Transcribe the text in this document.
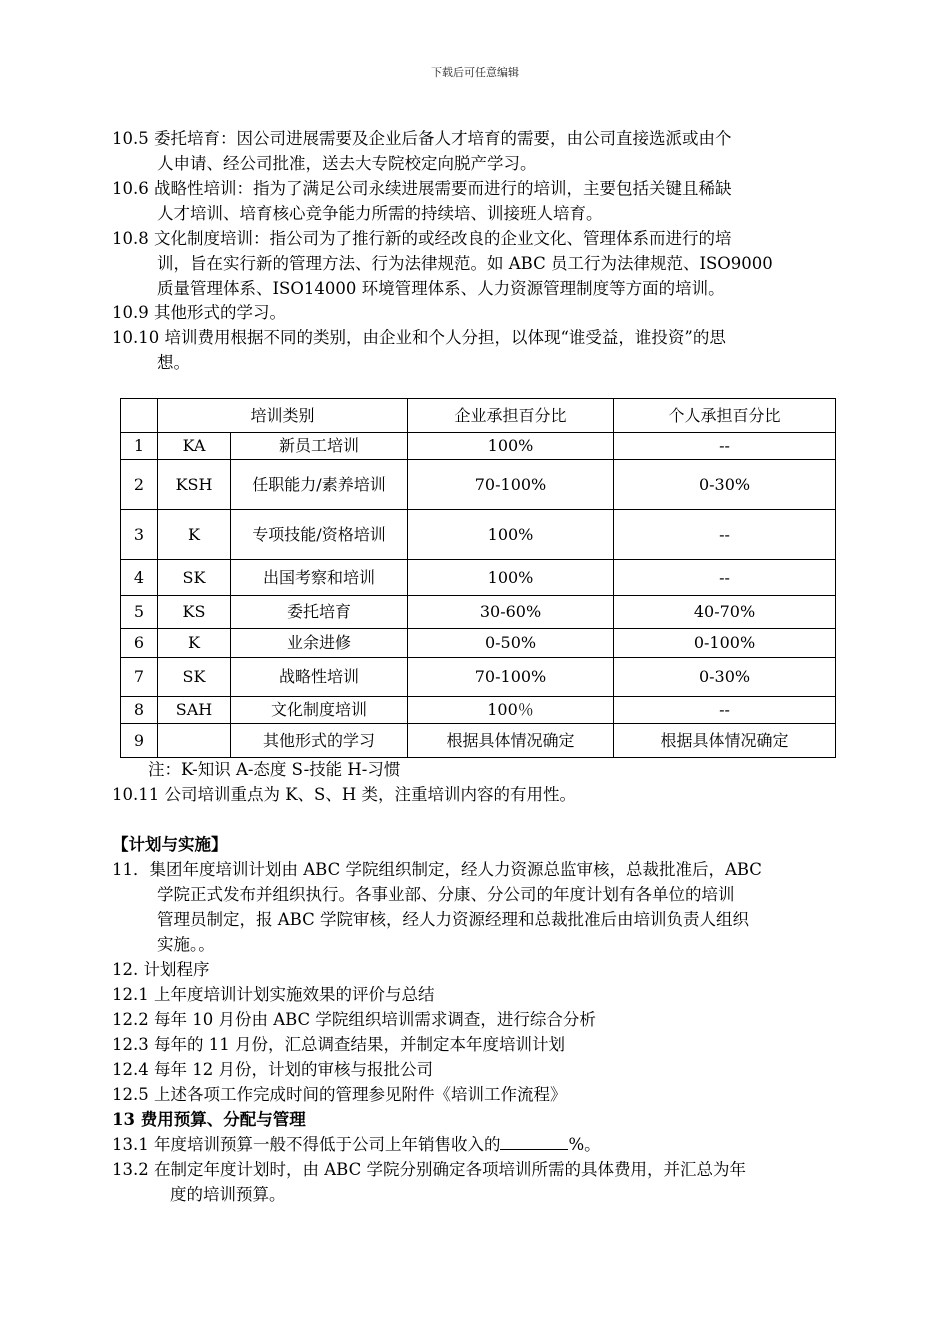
下载后可任意编辑
10.5 委托培育：因公司进展需要及企业后备人才培育的需要，由公司直接选派或由个
人申请、经公司批准，送去大专院校定向脱产学习。
10.6 战略性培训：指为了满足公司永续进展需要而进行的培训，主要包括关键且稀缺
人才培训、培育核心竞争能力所需的持续培、训接班人培育。
10.8 文化制度培训：指公司为了推行新的或经改良的企业文化、管理体系而进行的培
训，旨在实行新的管理方法、行为法律规范。如 ABC 员工行为法律规范、ISO9000
质量管理体系、ISO14000 环境管理体系、人力资源管理制度等方面的培训。
10.9 其他形式的学习。
10.10 培训费用根据不同的类别，由企业和个人分担，以体现“谁受益，谁投资”的思
想。
	培训类别		企业承担百分比	个人承担百分比
1	KA	新员工培训	100%	--
2	KSH	任职能力/素养培训	70-100%	0-30%
3	K	专项技能/资格培训	100%	--
4	SK	出国考察和培训	100%	--
5	KS	委托培育	30-60%	40-70%
6	K	业余进修	0-50%	0-100%
7	SK	战略性培训	70-100%	0-30%
8	SAH	文化制度培训	100％	--
9		其他形式的学习	根据具体情况确定	根据具体情况确定
注：K-知识 A-态度 S-技能 H-习惯
10.11 公司培训重点为 K、S、H 类，注重培训内容的有用性。
【计划与实施】
11．集团年度培训计划由 ABC 学院组织制定，经人力资源总监审核，总裁批准后，ABC
学院正式发布并组织执行。各事业部、分康、分公司的年度计划有各单位的培训
管理员制定，报 ABC 学院审核，经人力资源经理和总裁批准后由培训负责人组织
实施。。
12. 计划程序
12.1 上年度培训计划实施效果的评价与总结
12.2 每年 10 月份由 ABC 学院组织培训需求调查，进行综合分析
12.3 每年的 11 月份，汇总调查结果，并制定本年度培训计划
12.4 每年 12 月份，计划的审核与报批公司
12.5 上述各项工作完成时间的管理参见附件《培训工作流程》
13 费用预算、分配与管理
13.1 年度培训预算一般不得低于公司上年销售收入的	%。
13.2 在制定年度计划时，由 ABC 学院分别确定各项培训所需的具体费用，并汇总为年
度的培训预算。
